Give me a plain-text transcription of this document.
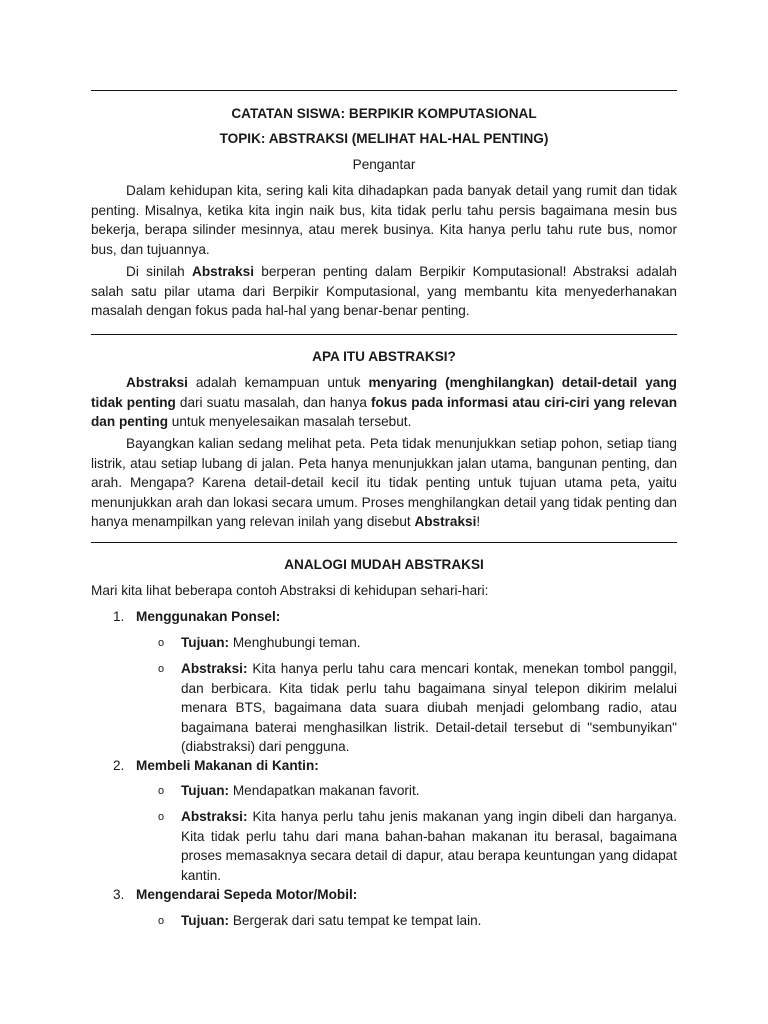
CATATAN SISWA: BERPIKIR KOMPUTASIONAL

TOPIK: ABSTRAKSI (MELIHAT HAL-HAL PENTING)

Pengantar

Dalam kehidupan kita, sering kali kita dihadapkan pada banyak detail yang rumit dan tidak penting. Misalnya, ketika kita ingin naik bus, kita tidak perlu tahu persis bagaimana mesin bus bekerja, berapa silinder mesinnya, atau merek businya. Kita hanya perlu tahu rute bus, nomor bus, dan tujuannya.

Di sinilah Abstraksi berperan penting dalam Berpikir Komputasional! Abstraksi adalah salah satu pilar utama dari Berpikir Komputasional, yang membantu kita menyederhanakan masalah dengan fokus pada hal-hal yang benar-benar penting.

APA ITU ABSTRAKSI?

Abstraksi adalah kemampuan untuk menyaring (menghilangkan) detail-detail yang tidak penting dari suatu masalah, dan hanya fokus pada informasi atau ciri-ciri yang relevan dan penting untuk menyelesaikan masalah tersebut.

Bayangkan kalian sedang melihat peta. Peta tidak menunjukkan setiap pohon, setiap tiang listrik, atau setiap lubang di jalan. Peta hanya menunjukkan jalan utama, bangunan penting, dan arah. Mengapa? Karena detail-detail kecil itu tidak penting untuk tujuan utama peta, yaitu menunjukkan arah dan lokasi secara umum. Proses menghilangkan detail yang tidak penting dan hanya menampilkan yang relevan inilah yang disebut Abstraksi!

ANALOGI MUDAH ABSTRAKSI

Mari kita lihat beberapa contoh Abstraksi di kehidupan sehari-hari:

1. Menggunakan Ponsel:

o Tujuan: Menghubungi teman.

o Abstraksi: Kita hanya perlu tahu cara mencari kontak, menekan tombol panggil, dan berbicara. Kita tidak perlu tahu bagaimana sinyal telepon dikirim melalui menara BTS, bagaimana data suara diubah menjadi gelombang radio, atau bagaimana baterai menghasilkan listrik. Detail-detail tersebut di "sembunyikan" (diabstraksi) dari pengguna.

2. Membeli Makanan di Kantin:

o Tujuan: Mendapatkan makanan favorit.

o Abstraksi: Kita hanya perlu tahu jenis makanan yang ingin dibeli dan harganya. Kita tidak perlu tahu dari mana bahan-bahan makanan itu berasal, bagaimana proses memasaknya secara detail di dapur, atau berapa keuntungan yang didapat kantin.

3. Mengendarai Sepeda Motor/Mobil:

o Tujuan: Bergerak dari satu tempat ke tempat lain.
